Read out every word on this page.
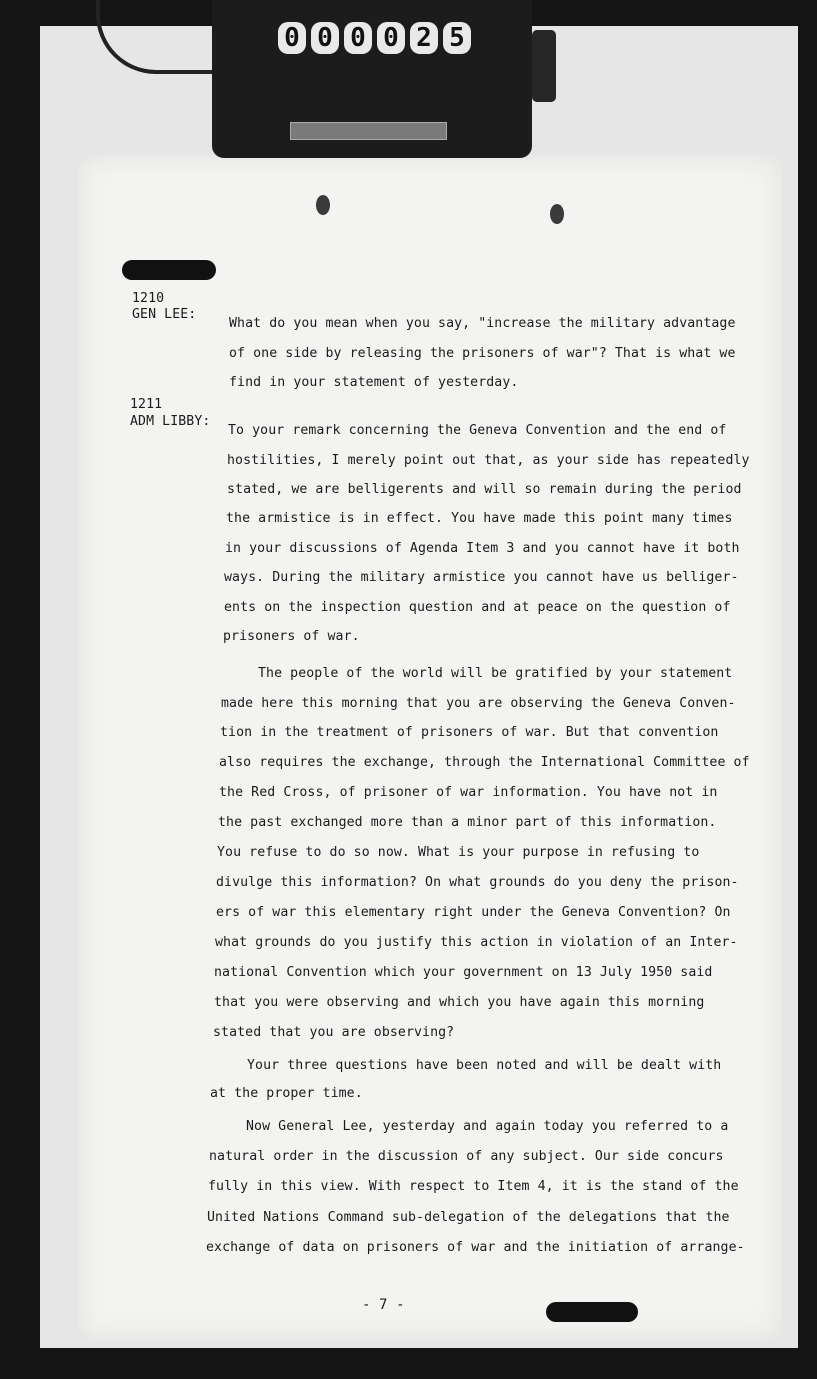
0 0 0 0 2 5
1210
GEN LEE:
What do you mean when you say, "increase the military advantage
of one side by releasing the prisoners of war"? That is what we
find in your statement of yesterday.
1211
ADM LIBBY:
To your remark concerning the Geneva Convention and the end of
hostilities, I merely point out that, as your side has repeatedly
stated, we are belligerents and will so remain during the period
the armistice is in effect. You have made this point many times
in your discussions of Agenda Item 3 and you cannot have it both
ways. During the military armistice you cannot have us belliger-
ents on the inspection question and at peace on the question of
prisoners of war.
The people of the world will be gratified by your statement
made here this morning that you are observing the Geneva Conven-
tion in the treatment of prisoners of war. But that convention
also requires the exchange, through the International Committee of
the Red Cross, of prisoner of war information. You have not in
the past exchanged more than a minor part of this information.
You refuse to do so now. What is your purpose in refusing to
divulge this information? On what grounds do you deny the prison-
ers of war this elementary right under the Geneva Convention? On
what grounds do you justify this action in violation of an Inter-
national Convention which your government on 13 July 1950 said
that you were observing and which you have again this morning
stated that you are observing?
Your three questions have been noted and will be dealt with
at the proper time.
Now General Lee, yesterday and again today you referred to a
natural order in the discussion of any subject. Our side concurs
fully in this view. With respect to Item 4, it is the stand of the
United Nations Command sub-delegation of the delegations that the
exchange of data on prisoners of war and the initiation of arrange-
- 7 -
